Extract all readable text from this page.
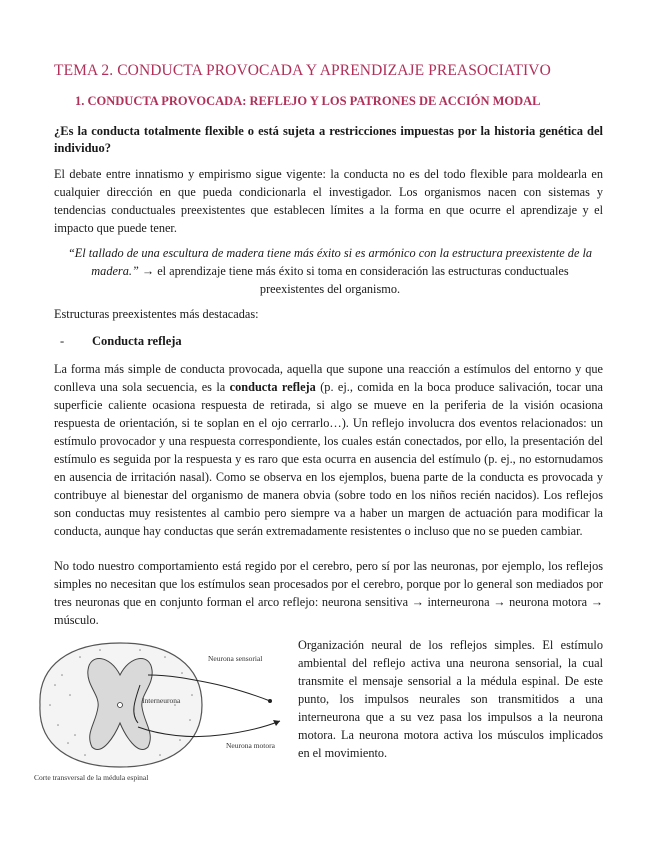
TEMA 2. CONDUCTA PROVOCADA Y APRENDIZAJE PREASOCIATIVO
1. CONDUCTA PROVOCADA: REFLEJO Y LOS PATRONES DE ACCIÓN MODAL
¿Es la conducta totalmente flexible o está sujeta a restricciones impuestas por la historia genética del individuo?
El debate entre innatismo y empirismo sigue vigente: la conducta no es del todo flexible para moldearla en cualquier dirección en que pueda condicionarla el investigador. Los organismos nacen con sistemas y tendencias conductuales preexistentes que establecen límites a la forma en que ocurre el aprendizaje y el impacto que puede tener.
“El tallado de una escultura de madera tiene más éxito si es armónico con la estructura preexistente de la madera.” → el aprendizaje tiene más éxito si toma en consideración las estructuras conductuales preexistentes del organismo.
Estructuras preexistentes más destacadas:
- Conducta refleja
La forma más simple de conducta provocada, aquella que supone una reacción a estímulos del entorno y que conlleva una sola secuencia, es la conducta refleja (p. ej., comida en la boca produce salivación, tocar una superficie caliente ocasiona respuesta de retirada, si algo se mueve en la periferia de la visión ocasiona respuesta de orientación, si te soplan en el ojo cerrarlo…). Un reflejo involucra dos eventos relacionados: un estímulo provocador y una respuesta correspondiente, los cuales están conectados, por ello, la presentación del estímulo es seguida por la respuesta y es raro que esta ocurra en ausencia del estímulo (p. ej., no estornudamos en ausencia de irritación nasal). Como se observa en los ejemplos, buena parte de la conducta es provocada y contribuye al bienestar del organismo de manera obvia (sobre todo en los niños recién nacidos). Los reflejos son conductas muy resistentes al cambio pero siempre va a haber un margen de actuación para modificar la conducta, aunque hay conductas que serán extremadamente resistentes o incluso que no se pueden cambiar.
No todo nuestro comportamiento está regido por el cerebro, pero sí por las neuronas, por ejemplo, los reflejos simples no necesitan que los estímulos sean procesados por el cerebro, porque por lo general son mediados por tres neuronas que en conjunto forman el arco reflejo: neurona sensitiva → interneurona → neurona motora → músculo.
Neurona sensorial
Interneurona
Neurona motora
Corte transversal de la médula espinal
Organización neural de los reflejos simples. El estímulo ambiental del reflejo activa una neurona sensorial, la cual transmite el mensaje sensorial a la médula espinal. De este punto, los impulsos neurales son transmitidos a una interneurona que a su vez pasa los impulsos a la neurona motora. La neurona motora activa los músculos implicados en el movimiento.
